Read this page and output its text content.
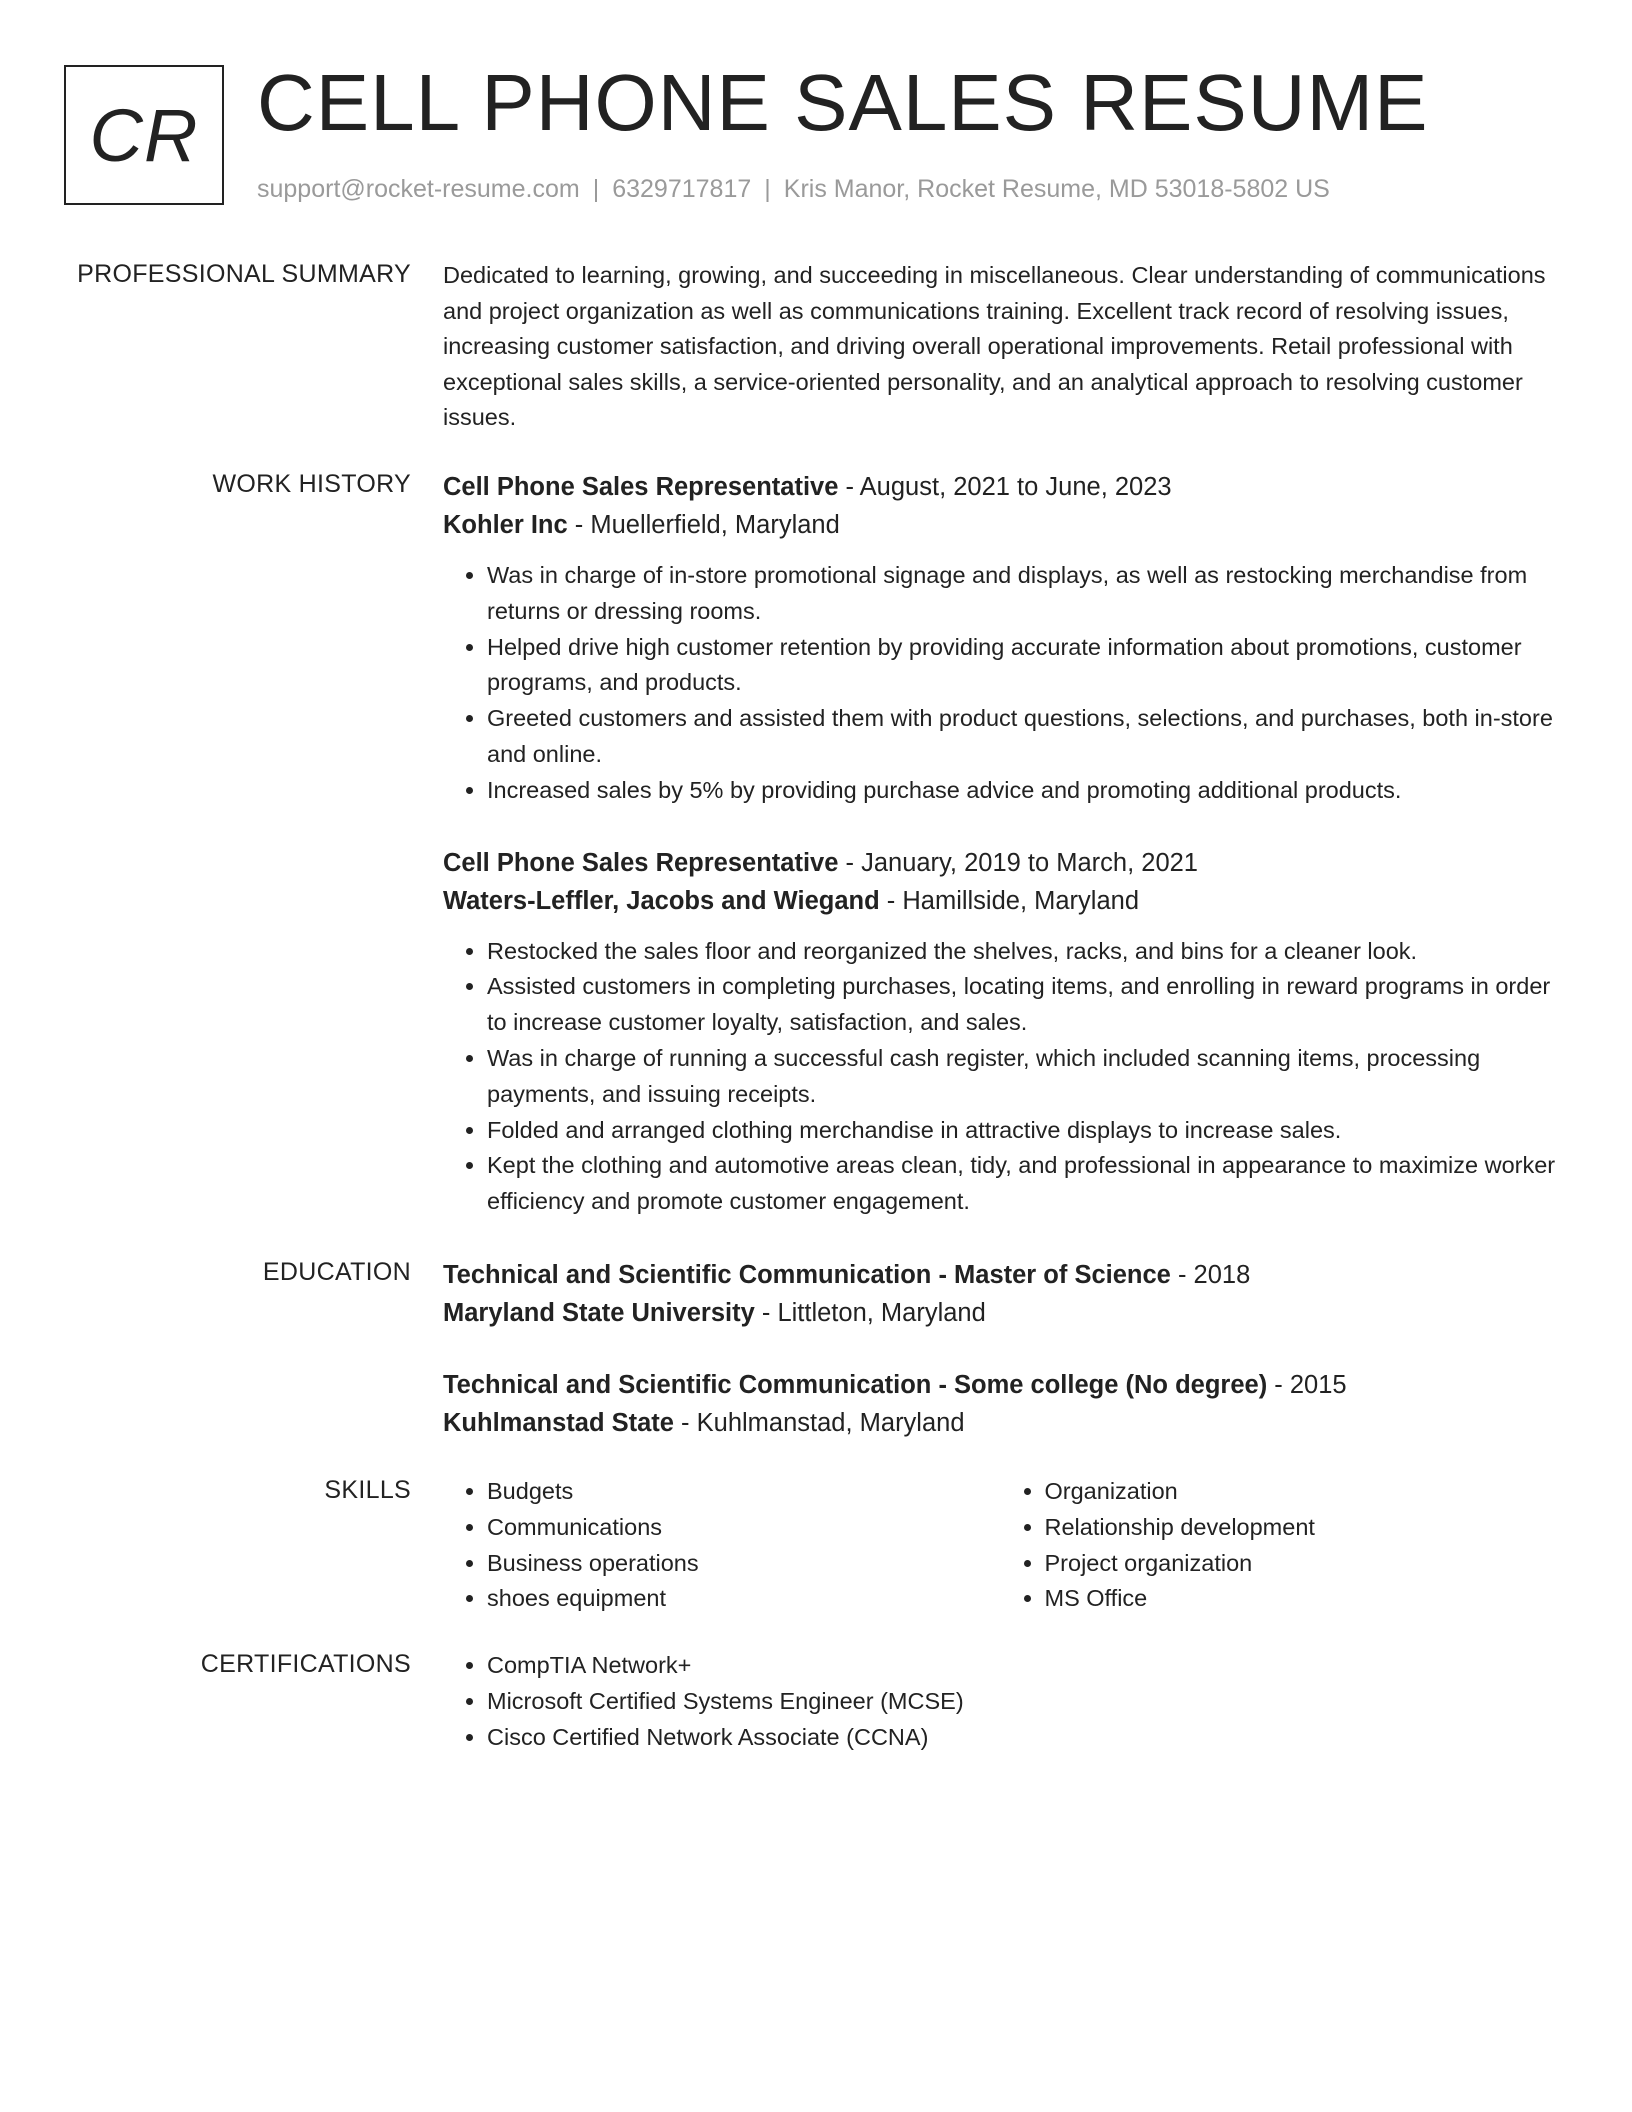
CR CELL PHONE SALES RESUME
support@rocket-resume.com | 6329717817 | Kris Manor, Rocket Resume, MD 53018-5802 US
PROFESSIONAL SUMMARY Dedicated to learning, growing, and succeeding in miscellaneous. Clear understanding of communications and project organization as well as communications training. Excellent track record of resolving issues, increasing customer satisfaction, and driving overall operational improvements. Retail professional with exceptional sales skills, a service-oriented personality, and an analytical approach to resolving customer issues.

WORK HISTORY Cell Phone Sales Representative - August, 2021 to June, 2023
Kohler Inc - Muellerfield, Maryland
• Was in charge of in-store promotional signage and displays, as well as restocking merchandise from returns or dressing rooms.
• Helped drive high customer retention by providing accurate information about promotions, customer programs, and products.
• Greeted customers and assisted them with product questions, selections, and purchases, both in-store and online.
• Increased sales by 5% by providing purchase advice and promoting additional products.
Cell Phone Sales Representative - January, 2019 to March, 2021
Waters-Leffler, Jacobs and Wiegand - Hamillside, Maryland
• Restocked the sales floor and reorganized the shelves, racks, and bins for a cleaner look.
• Assisted customers in completing purchases, locating items, and enrolling in reward programs in order to increase customer loyalty, satisfaction, and sales.
• Was in charge of running a successful cash register, which included scanning items, processing payments, and issuing receipts.
• Folded and arranged clothing merchandise in attractive displays to increase sales.
• Kept the clothing and automotive areas clean, tidy, and professional in appearance to maximize worker efficiency and promote customer engagement.
EDUCATION Technical and Scientific Communication - Master of Science - 2018
Maryland State University - Littleton, Maryland
Technical and Scientific Communication - Some college (No degree) - 2015
Kuhlmanstad State - Kuhlmanstad, Maryland
SKILLS	• Budgets
• Communications
• Business operations
• shoes equipment
• Organization
• Relationship development
• Project organization
• MS Office
CERTIFICATIONS	• CompTIA Network+
• Microsoft Certified Systems Engineer (MCSE)
• Cisco Certified Network Associate (CCNA)
